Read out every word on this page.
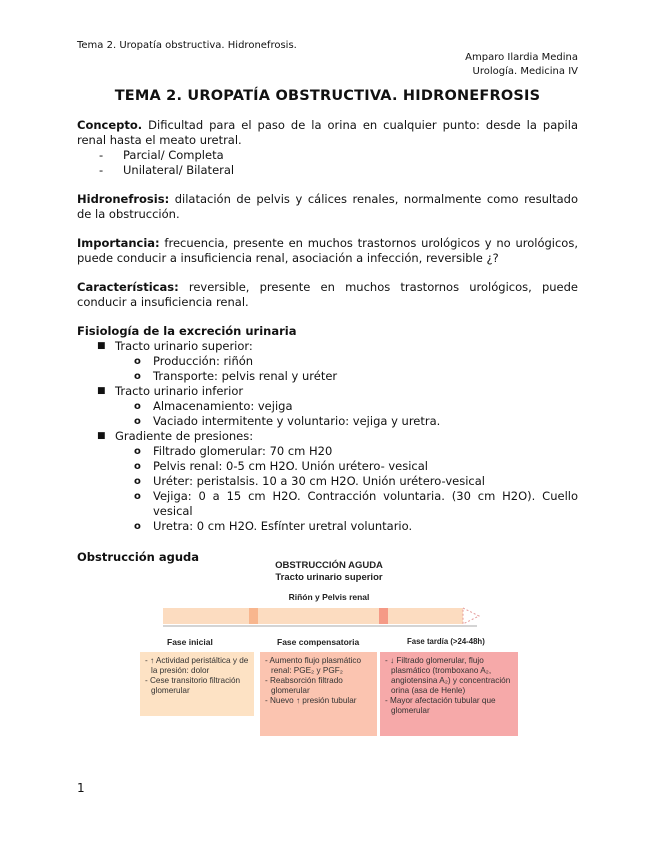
Tema 2. Uropatía obstructiva. Hidronefrosis.
Amparo Ilardia Medina
Urología. Medicina IV
TEMA 2. UROPATÍA OBSTRUCTIVA. HIDRONEFROSIS

Concepto. Dificultad para el paso de la orina en cualquier punto: desde la papila renal hasta el meato uretral.

- Parcial/ Completa
- Unilateral/ Bilateral

Hidronefrosis: dilatación de pelvis y cálices renales, normalmente como resultado de la obstrucción.

Importancia: frecuencia, presente en muchos trastornos urológicos y no urológicos, puede conducir a insuficiencia renal, asociación a infección, reversible ¿?

Características: reversible, presente en muchos trastornos urológicos, puede conducir a insuficiencia renal.

Fisiología de la excreción urinaria

■ Tracto urinario superior:
o Producción: riñón
o Transporte: pelvis renal y uréter
■ Tracto urinario inferior
o Almacenamiento: vejiga
o Vaciado intermitente y voluntario: vejiga y uretra.
■ Gradiente de presiones:
o Filtrado glomerular: 70 cm H20
o Pelvis renal: 0-5 cm H2O. Unión urétero- vesical
o Uréter: peristalsis. 10 a 30 cm H2O. Unión urétero-vesical
o Vejiga: 0 a 15 cm H2O. Contracción voluntaria. (30 cm H2O). Cuello vesical
o Uretra: 0 cm H2O. Esfínter uretral voluntario.

Obstrucción aguda

OBSTRUCCIÓN AGUDA
Tracto urinario superior
Riñón y Pelvis renal
Fase inicial	Fase compensatoria	Fase tardía (>24-48h)
- ↑ Actividad peristáltica y de la presión: dolor
- Cese transitorio filtración glomerular
- Aumento flujo plasmático renal: PGE₂ y PGF₂
- Reabsorción filtrado glomerular
- Nuevo ↑ presión tubular
- ↓ Filtrado glomerular, flujo plasmático (tromboxano A₂, angiotensina A₂) y concentración orina (asa de Henle)
- Mayor afectación tubular que glomerular
1
